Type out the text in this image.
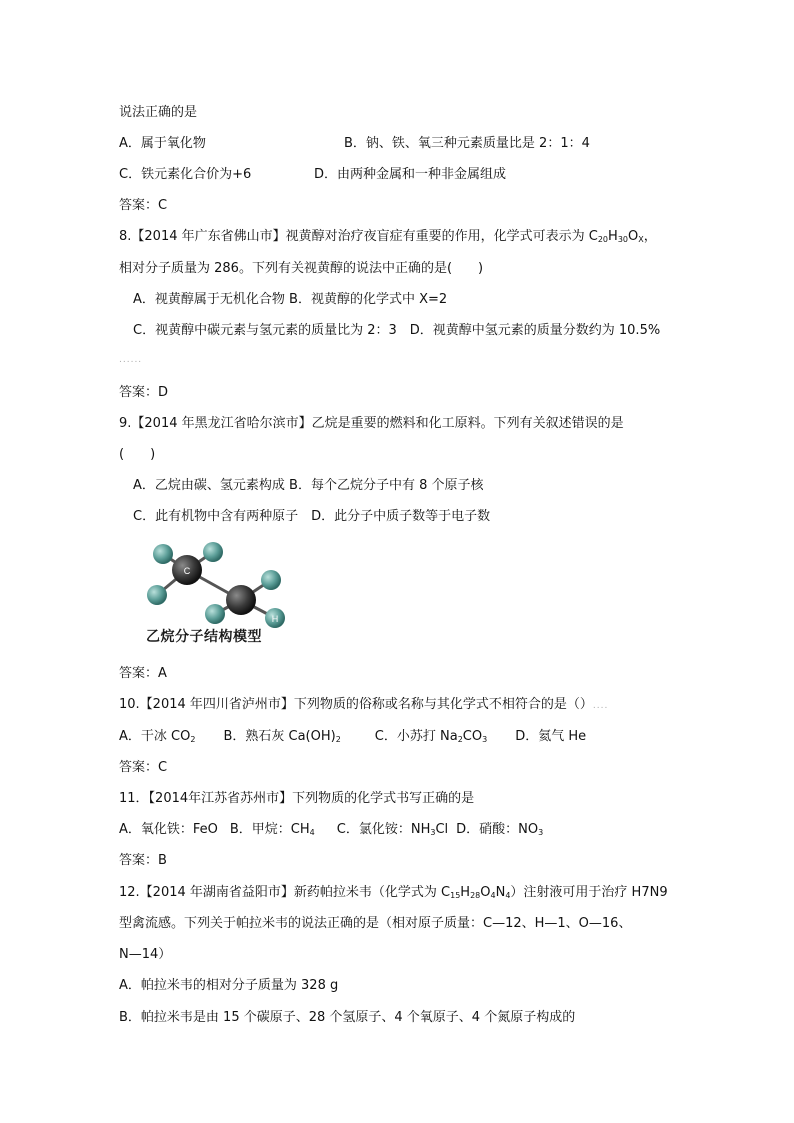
说法正确的是
A．属于氧化物	B．钠、铁、氧三种元素质量比是 2：1：4
C．铁元素化合价为+6	D．由两种金属和一种非金属组成
答案：C
8.【2014 年广东省佛山市】视黄醇对治疗夜盲症有重要的作用，化学式可表示为 $C_{20}H_{30}O_X$，
相对分子质量为 286。下列有关视黄醇的说法中正确的是(　　)
A．视黄醇属于无机化合物 B．视黄醇的化学式中 X=2
C．视黄醇中碳元素与氢元素的质量比为 2：3　D．视黄醇中氢元素的质量分数约为 10.5%
......
答案：D
9.【2014 年黑龙江省哈尔滨市】乙烷是重要的燃料和化工原料。下列有关叙述错误的是
(　　)
A．乙烷由碳、氢元素构成 B．每个乙烷分子中有 8 个原子核
C．此有机物中含有两种原子　D．此分子中质子数等于电子数
C
H
乙烷分子结构模型
答案：A
10.【2014 年四川省泸州市】下列物质的俗称或名称与其化学式不相符合的是（）....
A．干冰 $CO_2$ B．熟石灰 $Ca(OH)_2$	C．小苏打 $Na_2CO_3$ D．氦气 He
答案：C
11．【2014年江苏省苏州市】下列物质的化学式书写正确的是
A．氧化铁：FeO B．甲烷：$CH_4$ C．氯化铵：$NH_3Cl$ D．硝酸：$NO_3$
答案：B
12.【2014 年湖南省益阳市】新药帕拉米韦（化学式为 $C_{15}H_{28}O_4N_4$）注射液可用于治疗 H7N9
型禽流感。下列关于帕拉米韦的说法正确的是（相对原子质量：C—12、H—1、O—16、
N—14）
A．帕拉米韦的相对分子质量为 328 g
B．帕拉米韦是由 15 个碳原子、28 个氢原子、4 个氧原子、4 个氮原子构成的
